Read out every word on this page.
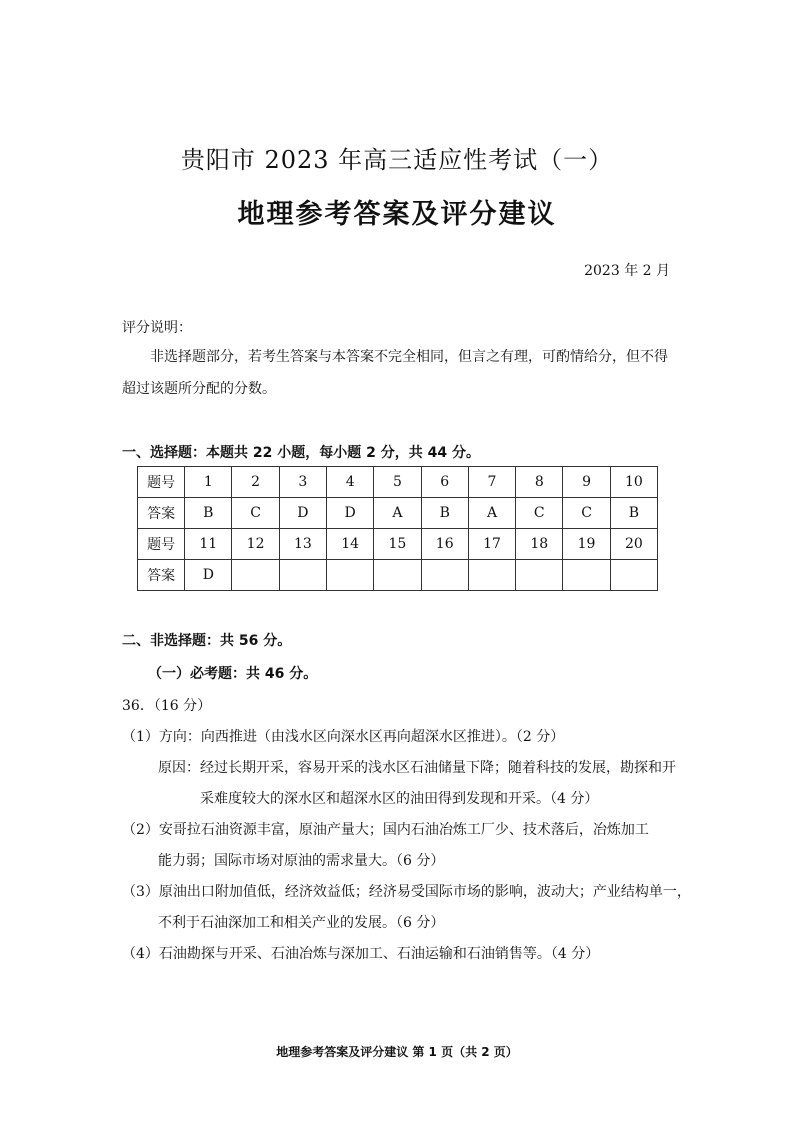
贵阳市 2023 年高三适应性考试（一）
地理参考答案及评分建议
2023 年 2 月
评分说明：
非选择题部分，若考生答案与本答案不完全相同，但言之有理，可酌情给分，但不得
超过该题所分配的分数。
一、选择题：本题共 22 小题，每小题 2 分，共 44 分。
题号	1	2	3	4	5	6	7	8	9	10
答案	B	C	D	D	A	B	A	C	C	B
题号	11	12	13	14	15	16	17	18	19	20
答案	D									
二、非选择题：共 56 分。
（一）必考题：共 46 分。
36．（16 分）
（1）方向：向西推进（由浅水区向深水区再向超深水区推进）。（2 分）
原因：经过长期开采，容易开采的浅水区石油储量下降；随着科技的发展，勘探和开
采难度较大的深水区和超深水区的油田得到发现和开采。（4 分）
（2）安哥拉石油资源丰富，原油产量大；国内石油冶炼工厂少、技术落后，冶炼加工
能力弱；国际市场对原油的需求量大。（6 分）
（3）原油出口附加值低，经济效益低；经济易受国际市场的影响，波动大；产业结构单一，
不利于石油深加工和相关产业的发展。（6 分）
（4）石油勘探与开采、石油冶炼与深加工、石油运输和石油销售等。（4 分）
地理参考答案及评分建议 第 1 页（共 2 页）
